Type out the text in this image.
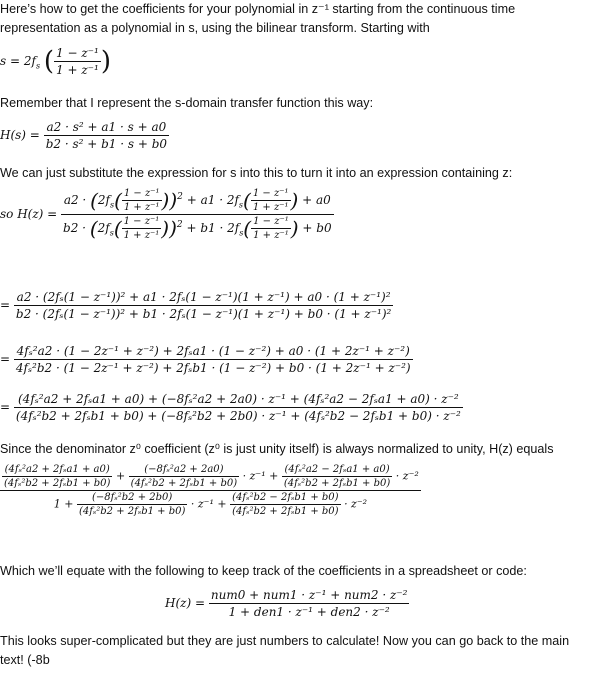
Here’s how to get the coefficients for your polynomial in z⁻¹ starting from the continuous time representation as a polynomial in s, using the bilinear transform. Starting with
$s = 2f_s$ ( $\frac{\text{1 − z⁻¹}}{\text{1 + z⁻¹}}$ )
Remember that I represent the s-domain transfer function this way:
$H(s) = \frac{\text{a2 · s² + a1 · s + a0}}{\text{b2 · s² + b1 · s + b0}}$
We can just substitute the expression for s into this to turn it into an expression containing z:
so $H(z) = \frac{a2 \cdot (2f_s( \frac{\text{1 − z⁻¹}}{\text{1 + z⁻¹}} ))^2 + a1 \cdot 2f_s( \frac{\text{1 − z⁻¹}}{\text{1 + z⁻¹}} ) + a0}{b2 \cdot (2f_s( \frac{\text{1 − z⁻¹}}{\text{1 + z⁻¹}} ))^2 + b1 \cdot 2f_s( \frac{\text{1 − z⁻¹}}{\text{1 + z⁻¹}} ) + b0}$
=
a2 · (2fₛ(1 − z⁻¹))² + a1 · 2fₛ(1 − z⁻¹)(1 + z⁻¹) + a0 · (1 + z⁻¹)²
b2 · (2fₛ(1 − z⁻¹))² + b1 · 2fₛ(1 − z⁻¹)(1 + z⁻¹) + b0 · (1 + z⁻¹)²
=
4fₛ²a2 · (1 − 2z⁻¹ + z⁻²) + 2fₛa1 · (1 − z⁻²) + a0 · (1 + 2z⁻¹ + z⁻²)
4fₛ²b2 · (1 − 2z⁻¹ + z⁻²) + 2fₛb1 · (1 − z⁻²) + b0 · (1 + 2z⁻¹ + z⁻²)
=
(4fₛ²a2 + 2fₛa1 + a0) + (−8fₛ²a2 + 2a0) · z⁻¹ + (4fₛ²a2 − 2fₛa1 + a0) · z⁻²
(4fₛ²b2 + 2fₛb1 + b0) + (−8fₛ²b2 + 2b0) · z⁻¹ + (4fₛ²b2 − 2fₛb1 + b0) · z⁻²
Since the denominator z⁰ coefficient (z⁰ is just unity itself) is always normalized to unity, H(z) equals
$\frac{\text{(4fₛ²a2 + 2fₛa1 + a0)}}{\text{(4fₛ²b2 + 2fₛb1 + b0)}} + \frac{\text{(−8fₛ²a2 + 2a0)}}{\text{(4fₛ²b2 + 2fₛb1 + b0)}} \cdot z^{-1} + \frac{\text{(4fₛ²a2 − 2fₛa1 + a0)}}{\text{(4fₛ²b2 + 2fₛb1 + b0)}} \cdot z^{-2}$
$1 + \frac{\text{(−8fₛ²b2 + 2b0)}}{\text{(4fₛ²b2 + 2fₛb1 + b0)}} \cdot z^{-1} + \frac{\text{(4fₛ²b2 − 2fₛb1 + b0)}}{\text{(4fₛ²b2 + 2fₛb1 + b0)}} \cdot z^{-2}$
Which we’ll equate with the following to keep track of the coefficients in a spreadsheet or code:
$H(z) = \frac{\text{num0 + num1 · z⁻¹ + num2 · z⁻²}}{\text{1 + den1 · z⁻¹ + den2 · z⁻²}}$
This looks super-complicated but they are just numbers to calculate! Now you can go back to the main text! (-8b
